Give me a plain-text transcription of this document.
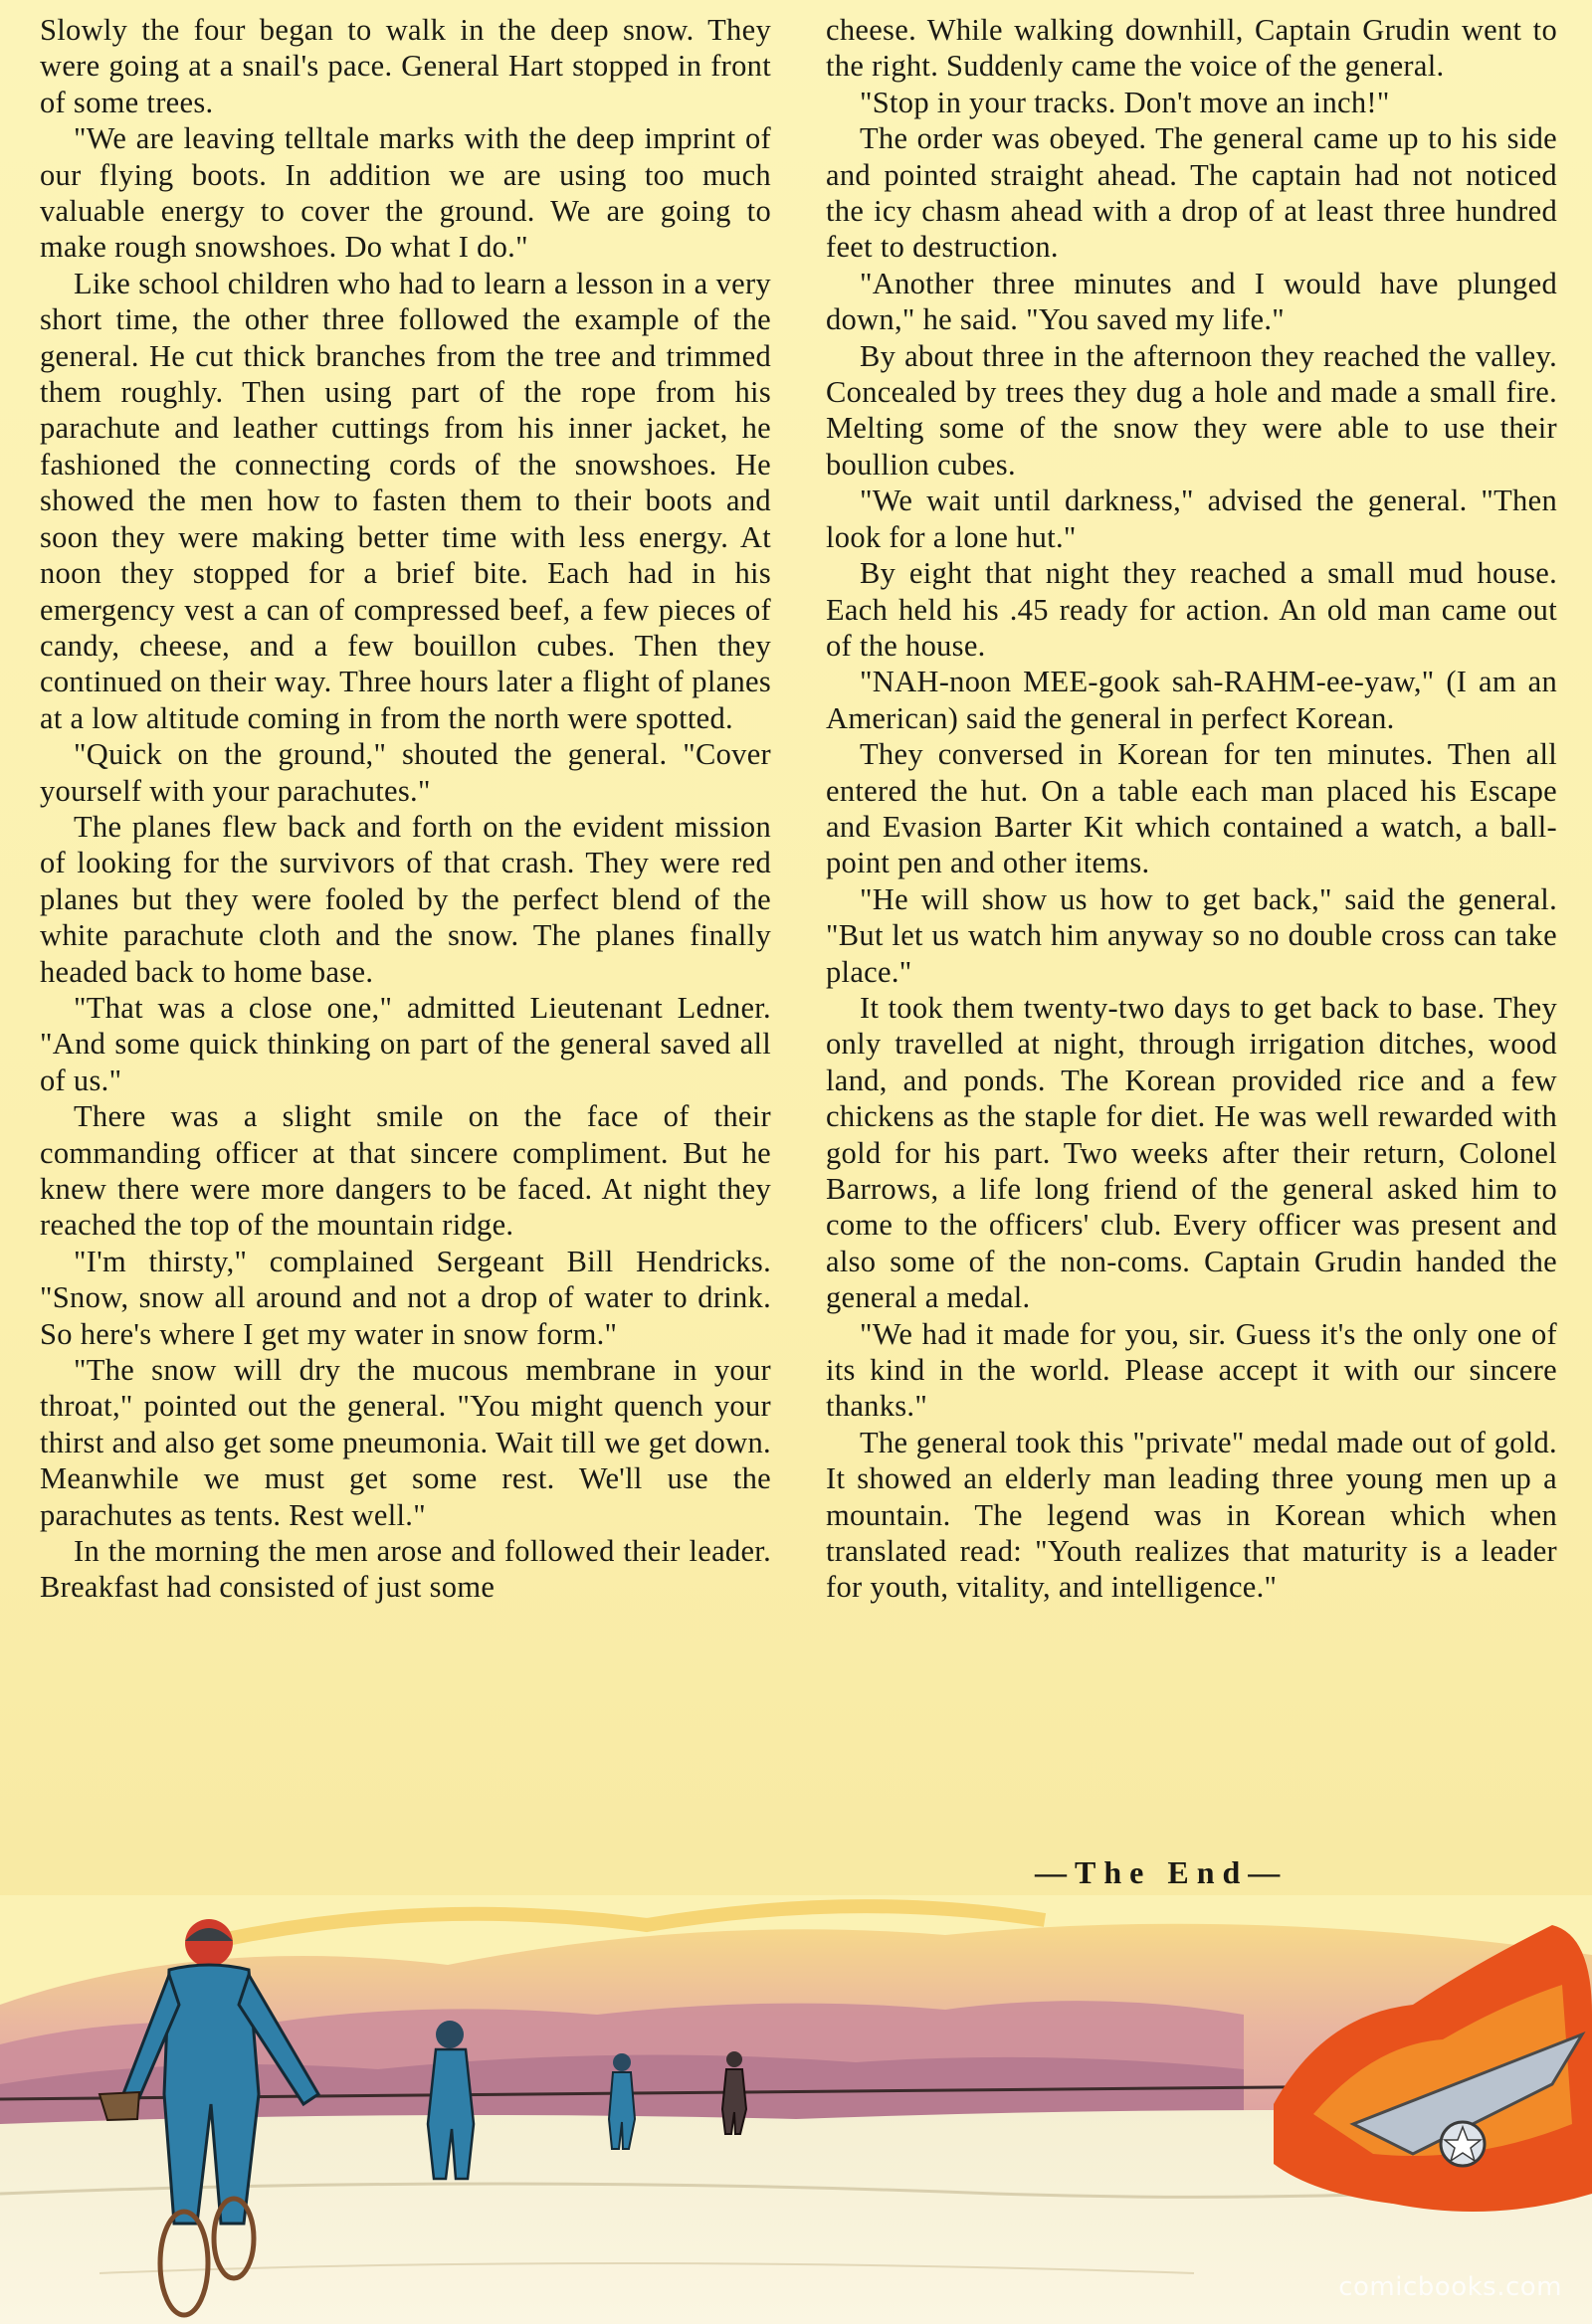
Slowly the four began to walk in the deep snow. They were going at a snail's pace. General Hart stopped in front of some trees.

"We are leaving telltale marks with the deep imprint of our flying boots. In addition we are using too much valuable energy to cover the ground. We are going to make rough snowshoes. Do what I do."

Like school children who had to learn a lesson in a very short time, the other three followed the example of the general. He cut thick branches from the tree and trimmed them roughly. Then using part of the rope from his parachute and leather cuttings from his inner jacket, he fashioned the connecting cords of the snowshoes. He showed the men how to fasten them to their boots and soon they were making better time with less energy. At noon they stopped for a brief bite. Each had in his emergency vest a can of compressed beef, a few pieces of candy, cheese, and a few bouillon cubes. Then they continued on their way. Three hours later a flight of planes at a low altitude coming in from the north were spotted.

"Quick on the ground," shouted the general. "Cover yourself with your parachutes."

The planes flew back and forth on the evident mission of looking for the survivors of that crash. They were red planes but they were fooled by the perfect blend of the white parachute cloth and the snow. The planes finally headed back to home base.

"That was a close one," admitted Lieutenant Ledner. "And some quick thinking on part of the general saved all of us."

There was a slight smile on the face of their commanding officer at that sincere compliment. But he knew there were more dangers to be faced. At night they reached the top of the mountain ridge.

"I'm thirsty," complained Sergeant Bill Hendricks. "Snow, snow all around and not a drop of water to drink. So here's where I get my water in snow form."

"The snow will dry the mucous membrane in your throat," pointed out the general. "You might quench your thirst and also get some pneumonia. Wait till we get down. Meanwhile we must get some rest. We'll use the parachutes as tents. Rest well."

In the morning the men arose and followed their leader. Breakfast had consisted of just some

cheese. While walking downhill, Captain Grudin went to the right. Suddenly came the voice of the general.

"Stop in your tracks. Don't move an inch!"

The order was obeyed. The general came up to his side and pointed straight ahead. The captain had not noticed the icy chasm ahead with a drop of at least three hundred feet to destruction.

"Another three minutes and I would have plunged down," he said. "You saved my life."

By about three in the afternoon they reached the valley. Concealed by trees they dug a hole and made a small fire. Melting some of the snow they were able to use their boullion cubes.

"We wait until darkness," advised the general. "Then look for a lone hut."

By eight that night they reached a small mud house. Each held his .45 ready for action. An old man came out of the house.

"NAH-noon MEE-gook sah-RAHM-ee-yaw," (I am an American) said the general in perfect Korean.

They conversed in Korean for ten minutes. Then all entered the hut. On a table each man placed his Escape and Evasion Barter Kit which contained a watch, a ball-point pen and other items.

"He will show us how to get back," said the general. "But let us watch him anyway so no double cross can take place."

It took them twenty-two days to get back to base. They only travelled at night, through irrigation ditches, wood land, and ponds. The Korean provided rice and a few chickens as the staple for diet. He was well rewarded with gold for his part. Two weeks after their return, Colonel Barrows, a life long friend of the general asked him to come to the officers' club. Every officer was present and also some of the non-coms. Captain Grudin handed the general a medal.

"We had it made for you, sir. Guess it's the only one of its kind in the world. Please accept it with our sincere thanks."

The general took this "private" medal made out of gold. It showed an elderly man leading three young men up a mountain. The legend was in Korean which when translated read: "Youth realizes that maturity is a leader for youth, vitality, and intelligence."

—The End—
comicbooks.com
